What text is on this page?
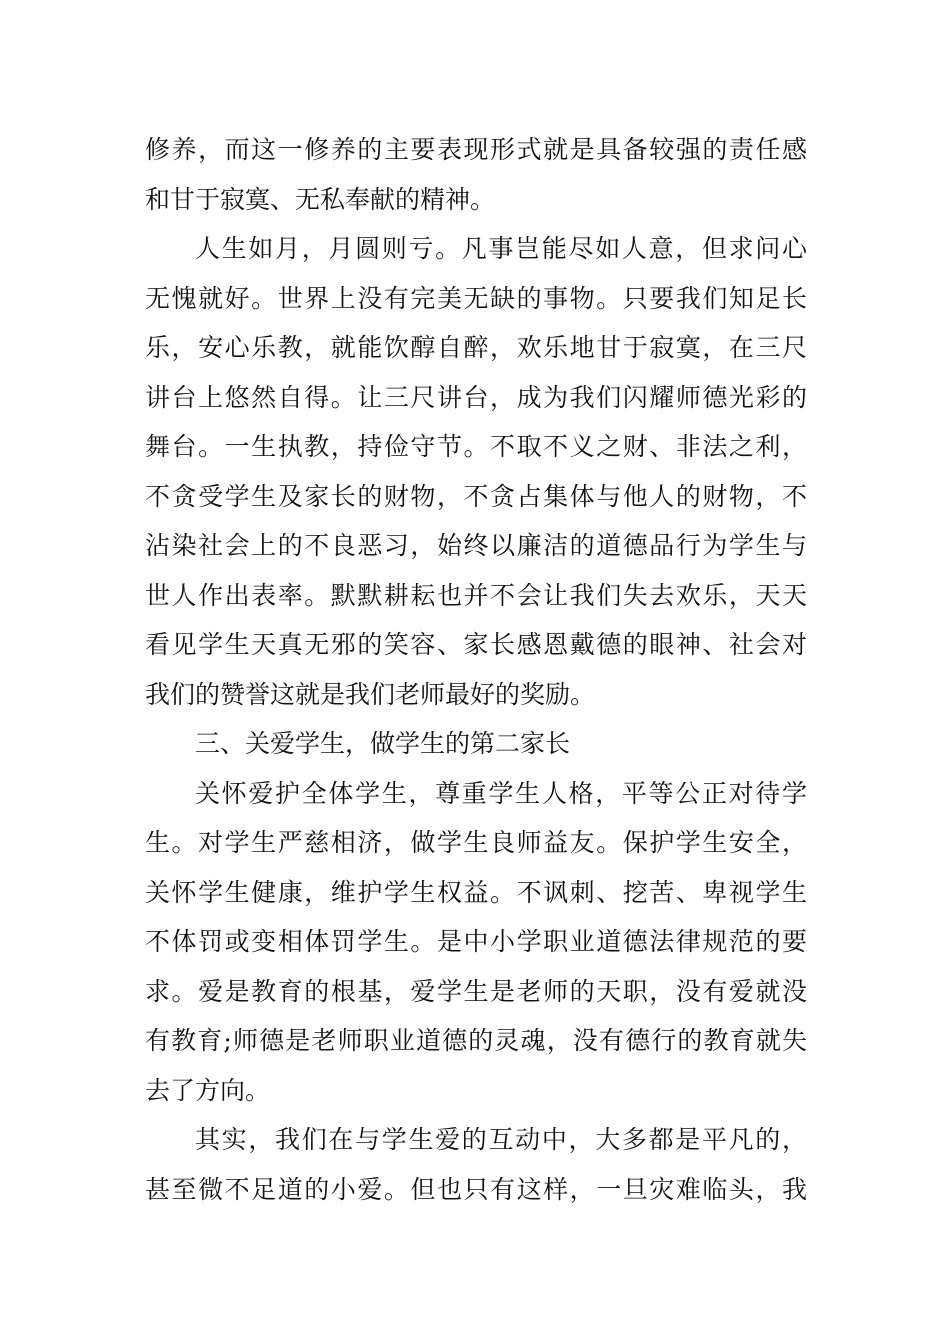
修养，而这一修养的主要表现形式就是具备较强的责任感
和甘于寂寞、无私奉献的精神。
人生如月，月圆则亏。凡事岂能尽如人意，但求问心
无愧就好。世界上没有完美无缺的事物。只要我们知足长
乐，安心乐教，就能饮醇自醉，欢乐地甘于寂寞，在三尺
讲台上悠然自得。让三尺讲台，成为我们闪耀师德光彩的
舞台。一生执教，持俭守节。不取不义之财、非法之利，
不贪受学生及家长的财物，不贪占集体与他人的财物，不
沾染社会上的不良恶习，始终以廉洁的道德品行为学生与
世人作出表率。默默耕耘也并不会让我们失去欢乐，天天
看见学生天真无邪的笑容、家长感恩戴德的眼神、社会对
我们的赞誉这就是我们老师最好的奖励。
三、关爱学生，做学生的第二家长
关怀爱护全体学生，尊重学生人格，平等公正对待学
生。对学生严慈相济，做学生良师益友。保护学生安全，
关怀学生健康，维护学生权益。不讽刺、挖苦、卑视学生
不体罚或变相体罚学生。是中小学职业道德法律规范的要
求。爱是教育的根基，爱学生是老师的天职，没有爱就没
有教育;师德是老师职业道德的灵魂，没有德行的教育就失
去了方向。
其实，我们在与学生爱的互动中，大多都是平凡的，
甚至微不足道的小爱。但也只有这样，一旦灾难临头，我
